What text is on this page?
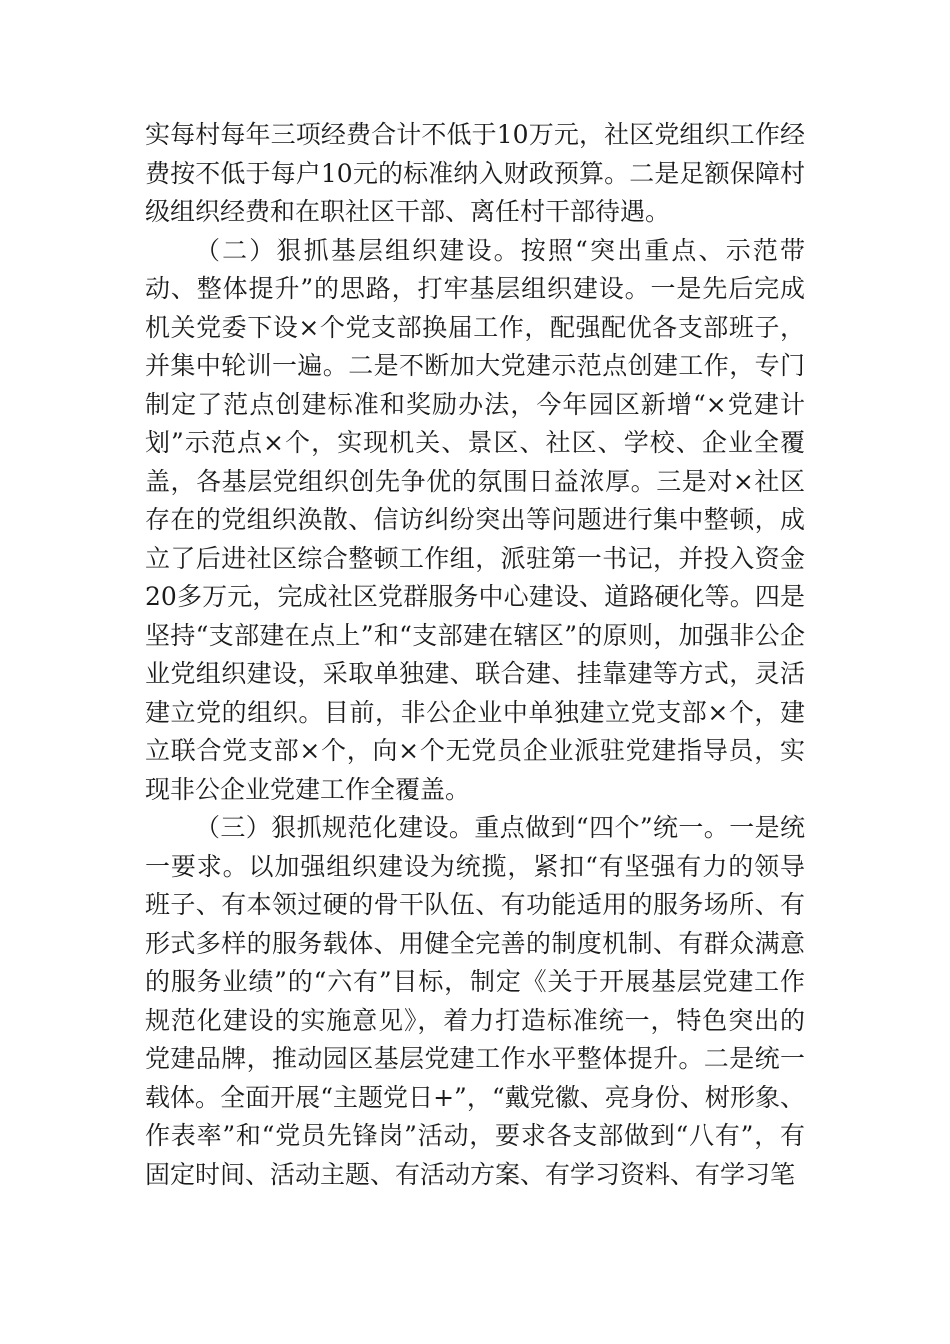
实每村每年三项经费合计不低于10万元，社区党组织工作经费按不低于每户10元的标准纳入财政预算。二是足额保障村级组织经费和在职社区干部、离任村干部待遇。

（二）狠抓基层组织建设。按照“突出重点、示范带动、整体提升”的思路，打牢基层组织建设。一是先后完成机关党委下设×个党支部换届工作，配强配优各支部班子，并集中轮训一遍。二是不断加大党建示范点创建工作，专门制定了范点创建标准和奖励办法，今年园区新增“×党建计划”示范点×个，实现机关、景区、社区、学校、企业全覆盖，各基层党组织创先争优的氛围日益浓厚。三是对×社区存在的党组织涣散、信访纠纷突出等问题进行集中整顿，成立了后进社区综合整顿工作组，派驻第一书记，并投入资金20多万元，完成社区党群服务中心建设、道路硬化等。四是坚持“支部建在点上”和“支部建在辖区”的原则，加强非公企业党组织建设，采取单独建、联合建、挂靠建等方式，灵活建立党的组织。目前，非公企业中单独建立党支部×个，建立联合党支部×个，向×个无党员企业派驻党建指导员，实现非公企业党建工作全覆盖。

（三）狠抓规范化建设。重点做到“四个”统一。一是统一要求。以加强组织建设为统揽，紧扣“有坚强有力的领导班子、有本领过硬的骨干队伍、有功能适用的服务场所、有形式多样的服务载体、用健全完善的制度机制、有群众满意的服务业绩”的“六有”目标，制定《关于开展基层党建工作规范化建设的实施意见》，着力打造标准统一，特色突出的党建品牌，推动园区基层党建工作水平整体提升。二是统一载体。全面开展“主题党日+”，“戴党徽、亮身份、树形象、作表率”和“党员先锋岗”活动，要求各支部做到“八有”，有固定时间、活动主题、有活动方案、有学习资料、有学习笔
